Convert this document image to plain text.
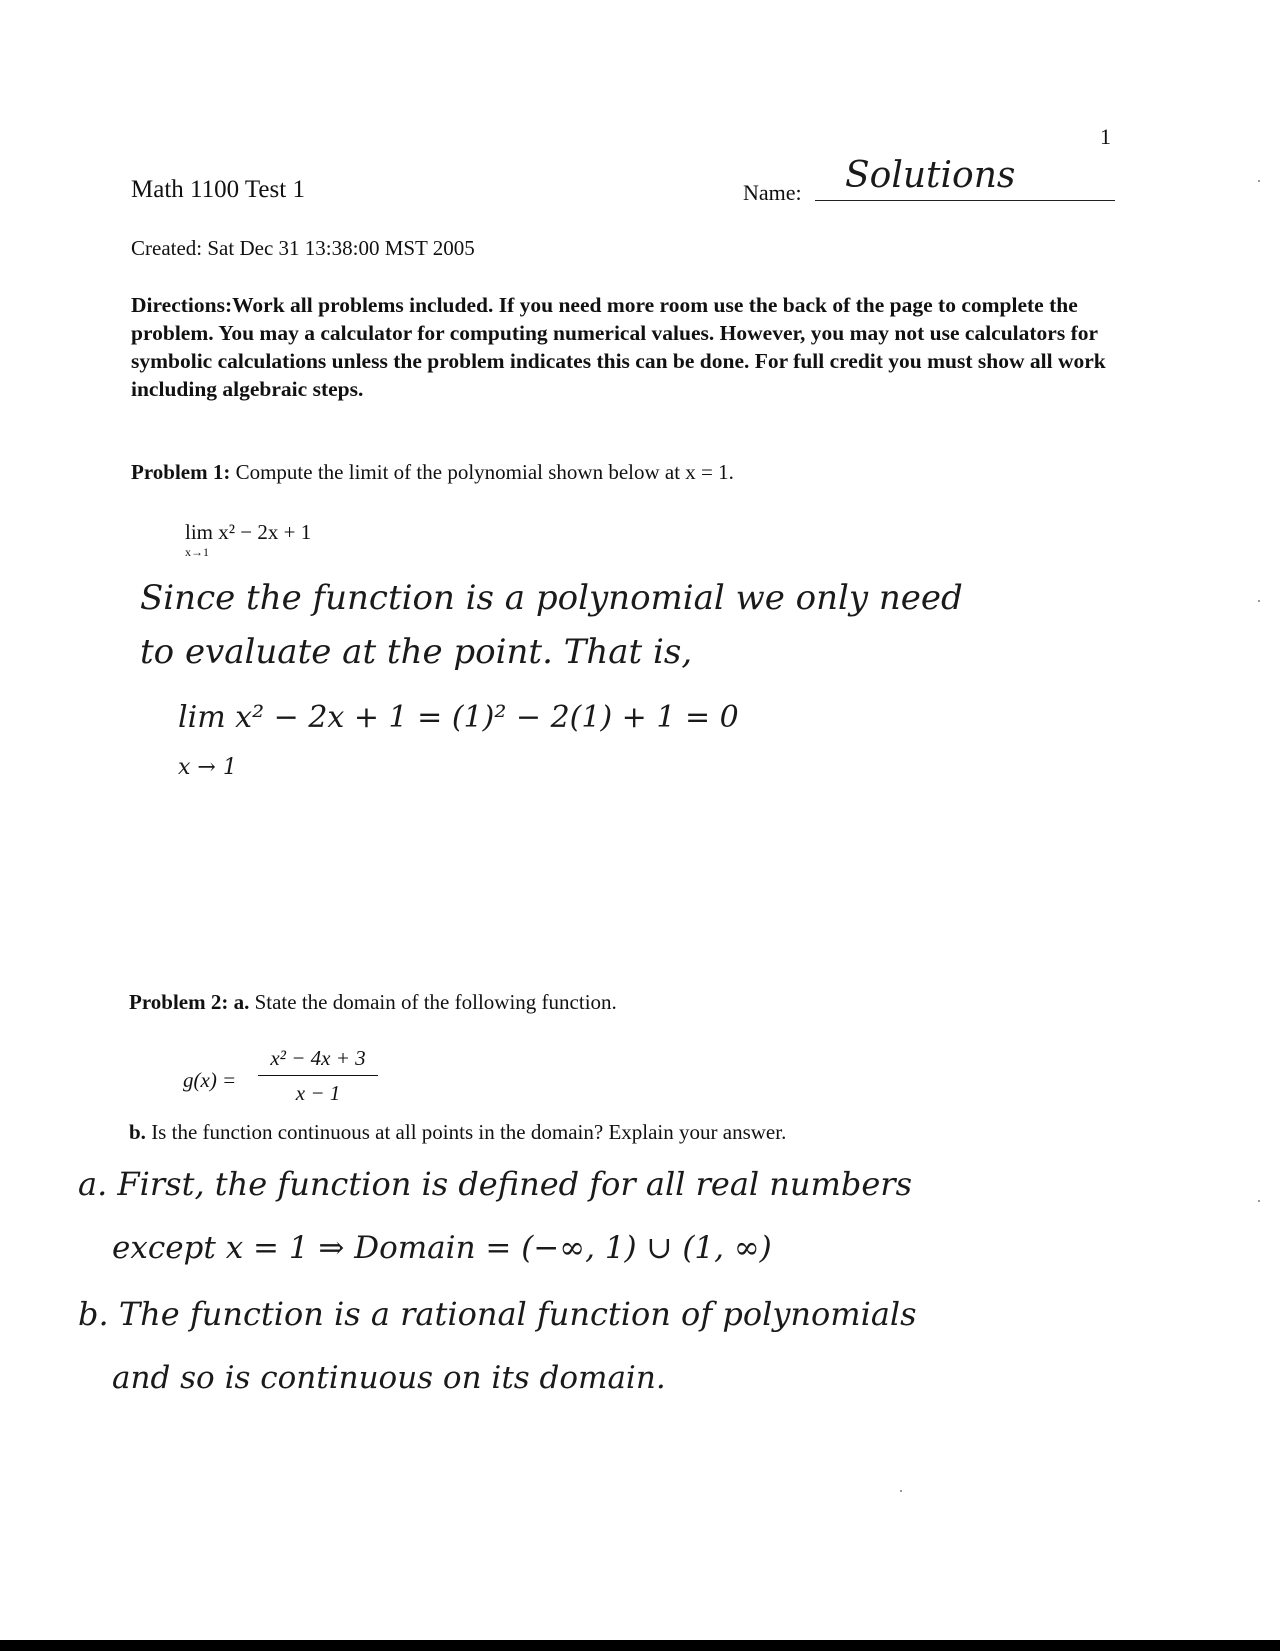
1
Math 1100 Test 1	Name: Solutions
Created: Sat Dec 31 13:38:00 MST 2005
Directions:Work all problems included. If you need more room use the back of the page to complete the problem. You may a calculator for computing numerical values. However, you may not use calculators for symbolic calculations unless the problem indicates this can be done. For full credit you must show all work including algebraic steps.
Problem 1: Compute the limit of the polynomial shown below at x = 1.
lim x² − 2x + 1
x→1
Since the function is a polynomial we only need
to evaluate at the point. That is,
lim x² − 2x + 1 = (1)² − 2(1) + 1 = 0
x → 1
Problem 2: a. State the domain of the following function.
g(x) =
x² − 4x + 3
x − 1
b. Is the function continuous at all points in the domain? Explain your answer.
a. First, the function is defined for all real numbers
except x = 1 ⇒ Domain = (−∞, 1) ∪ (1, ∞)
b. The function is a rational function of polynomials
and so is continuous on its domain.
